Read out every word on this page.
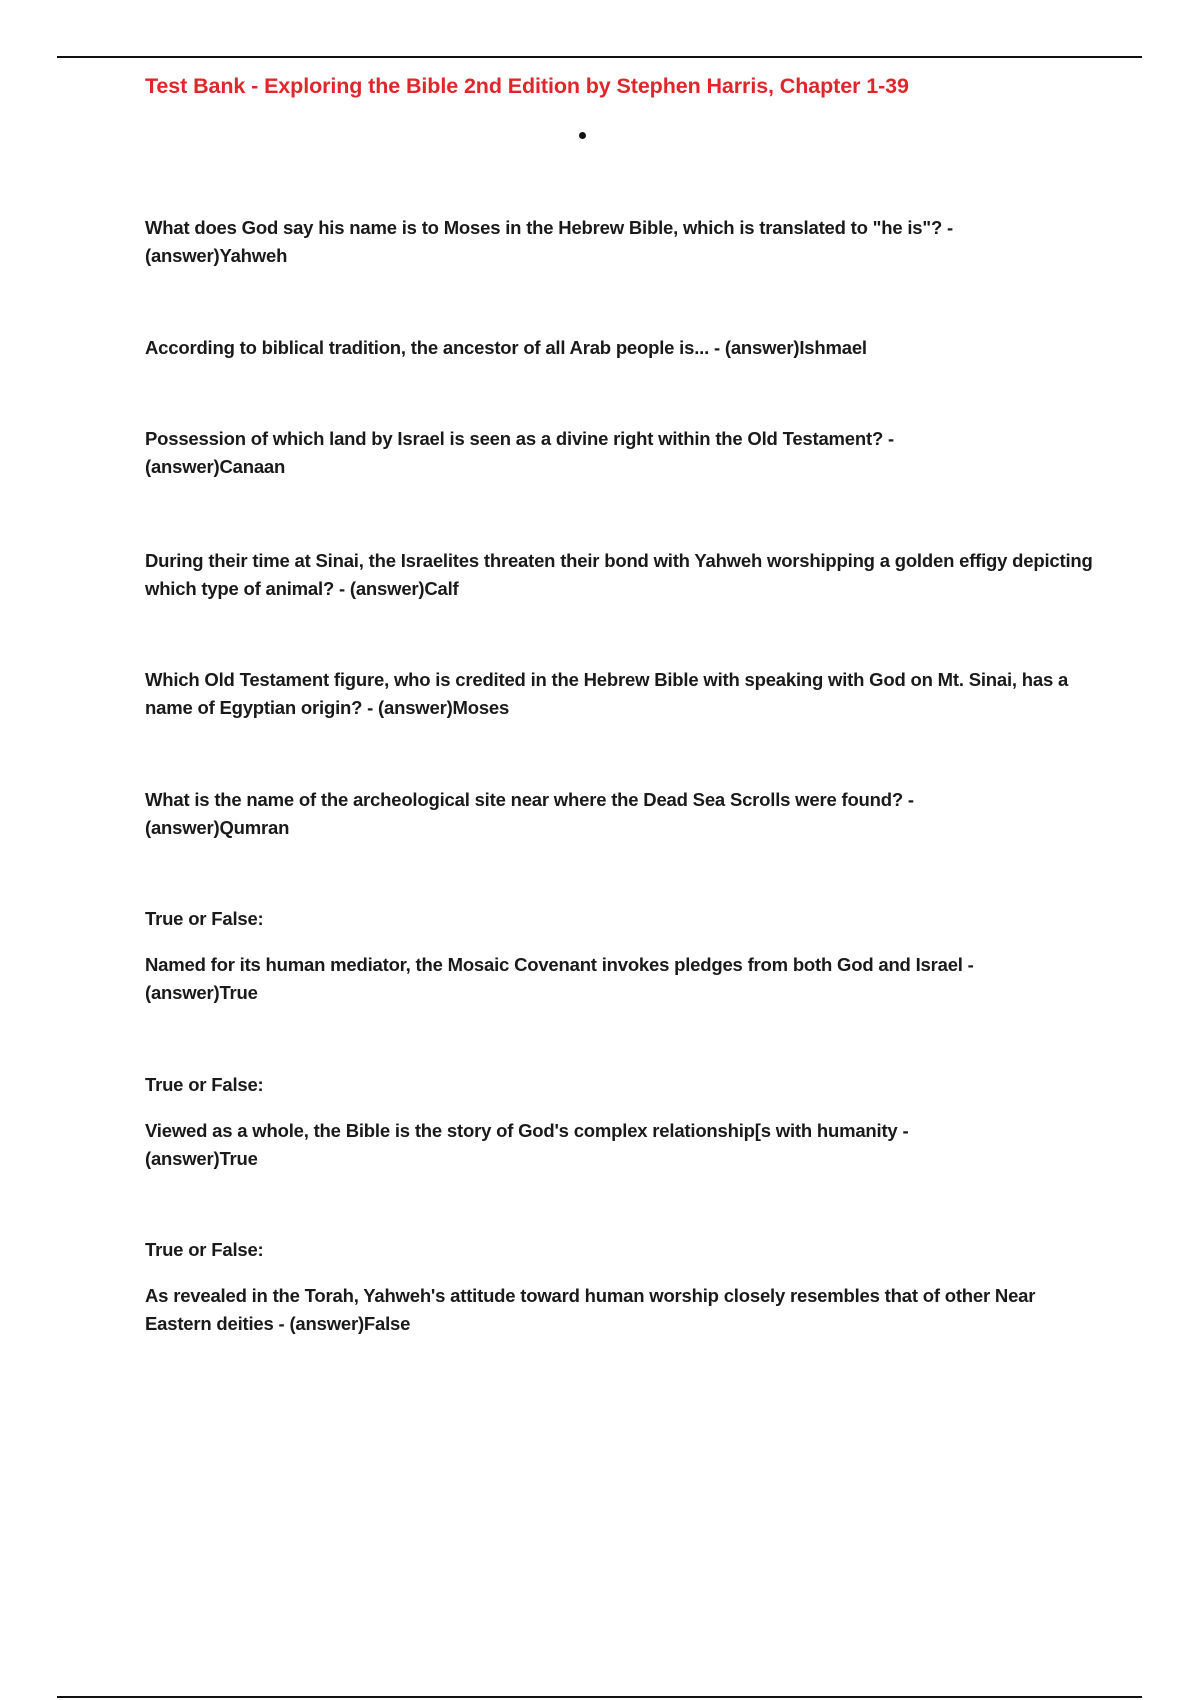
Test Bank - Exploring the Bible 2nd Edition by Stephen Harris, Chapter 1-39

What does God say his name is to Moses in the Hebrew Bible, which is translated to "he is"? - (answer)Yahweh

According to biblical tradition, the ancestor of all Arab people is... - (answer)Ishmael

Possession of which land by Israel is seen as a divine right within the Old Testament? - (answer)Canaan

During their time at Sinai, the Israelites threaten their bond with Yahweh worshipping a golden effigy depicting which type of animal? - (answer)Calf

Which Old Testament figure, who is credited in the Hebrew Bible with speaking with God on Mt. Sinai, has a name of Egyptian origin? - (answer)Moses

What is the name of the archeological site near where the Dead Sea Scrolls were found? - (answer)Qumran

True or False:

Named for its human mediator, the Mosaic Covenant invokes pledges from both God and Israel - (answer)True

True or False:

Viewed as a whole, the Bible is the story of God's complex relationship[s with humanity - (answer)True

True or False:

As revealed in the Torah, Yahweh's attitude toward human worship closely resembles that of other Near Eastern deities - (answer)False
